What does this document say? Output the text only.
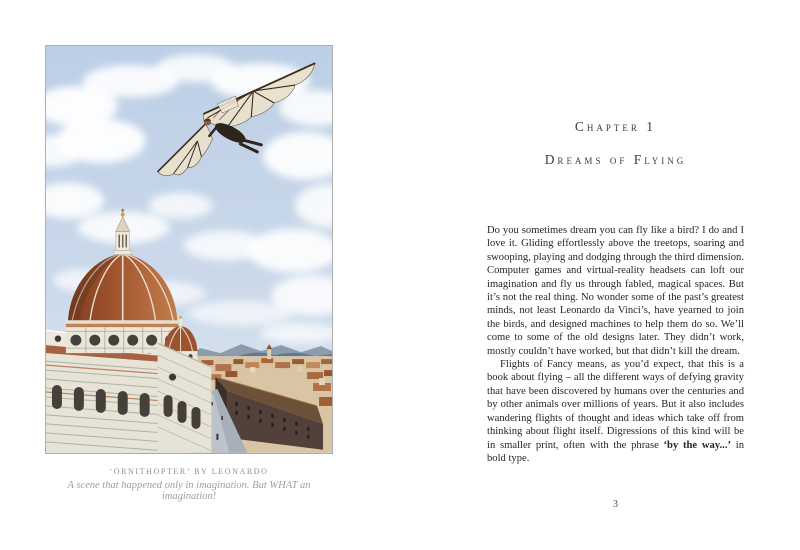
‘ORNITHOPTER’ BY LEONARDO
A scene that happened only in imagination. But WHAT an imagination!
Chapter 1
Dreams of Flying

Do you sometimes dream you can fly like a bird? I do and I love it. Gliding effortlessly above the treetops, soaring and swooping, playing and dodging through the third dimension. Computer games and virtual-reality headsets can loft our imagination and fly us through fabled, magical spaces. But it’s not the real thing. No wonder some of the past’s greatest minds, not least Leonardo da Vinci’s, have yearned to join the birds, and designed machines to help them do so. We’ll come to some of the old designs later. They didn’t work, mostly couldn’t have worked, but that didn’t kill the dream.

Flights of Fancy means, as you’d expect, that this is a book about flying – all the different ways of defying gravity that have been discovered by humans over the centuries and by other animals over millions of years. But it also includes wandering flights of thought and ideas which take off from thinking about flight itself. Digressions of this kind will be in smaller print, often with the phrase ‘by the way...’ in bold type.

3
